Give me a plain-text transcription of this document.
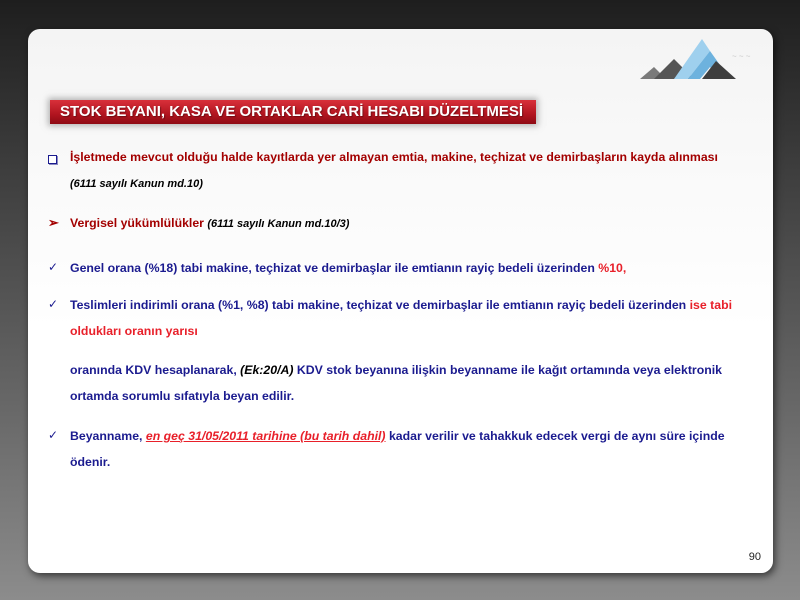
~ ~ ~
STOK BEYANI, KASA VE ORTAKLAR CARİ HESABI DÜZELTMESİ
İşletmede mevcut olduğu halde kayıtlarda yer almayan emtia, makine, teçhizat ve demirbaşların kayda alınması (6111 sayılı Kanun md.10)
➢ Vergisel yükümlülükler (6111 sayılı Kanun md.10/3)
✓ Genel orana (%18) tabi makine, teçhizat ve demirbaşlar ile emtianın rayiç bedeli üzerinden %10,
✓ Teslimleri indirimli orana (%1, %8) tabi makine, teçhizat ve demirbaşlar ile emtianın rayiç bedeli üzerinden ise tabi oldukları oranın yarısı
oranında KDV hesaplanarak, (Ek:20/A) KDV stok beyanına ilişkin beyanname ile kağıt ortamında veya elektronik ortamda sorumlu sıfatıyla beyan edilir.
✓ Beyanname, en geç 31/05/2011 tarihine (bu tarih dahil) kadar verilir ve tahakkuk edecek vergi de aynı süre içinde ödenir.
90
